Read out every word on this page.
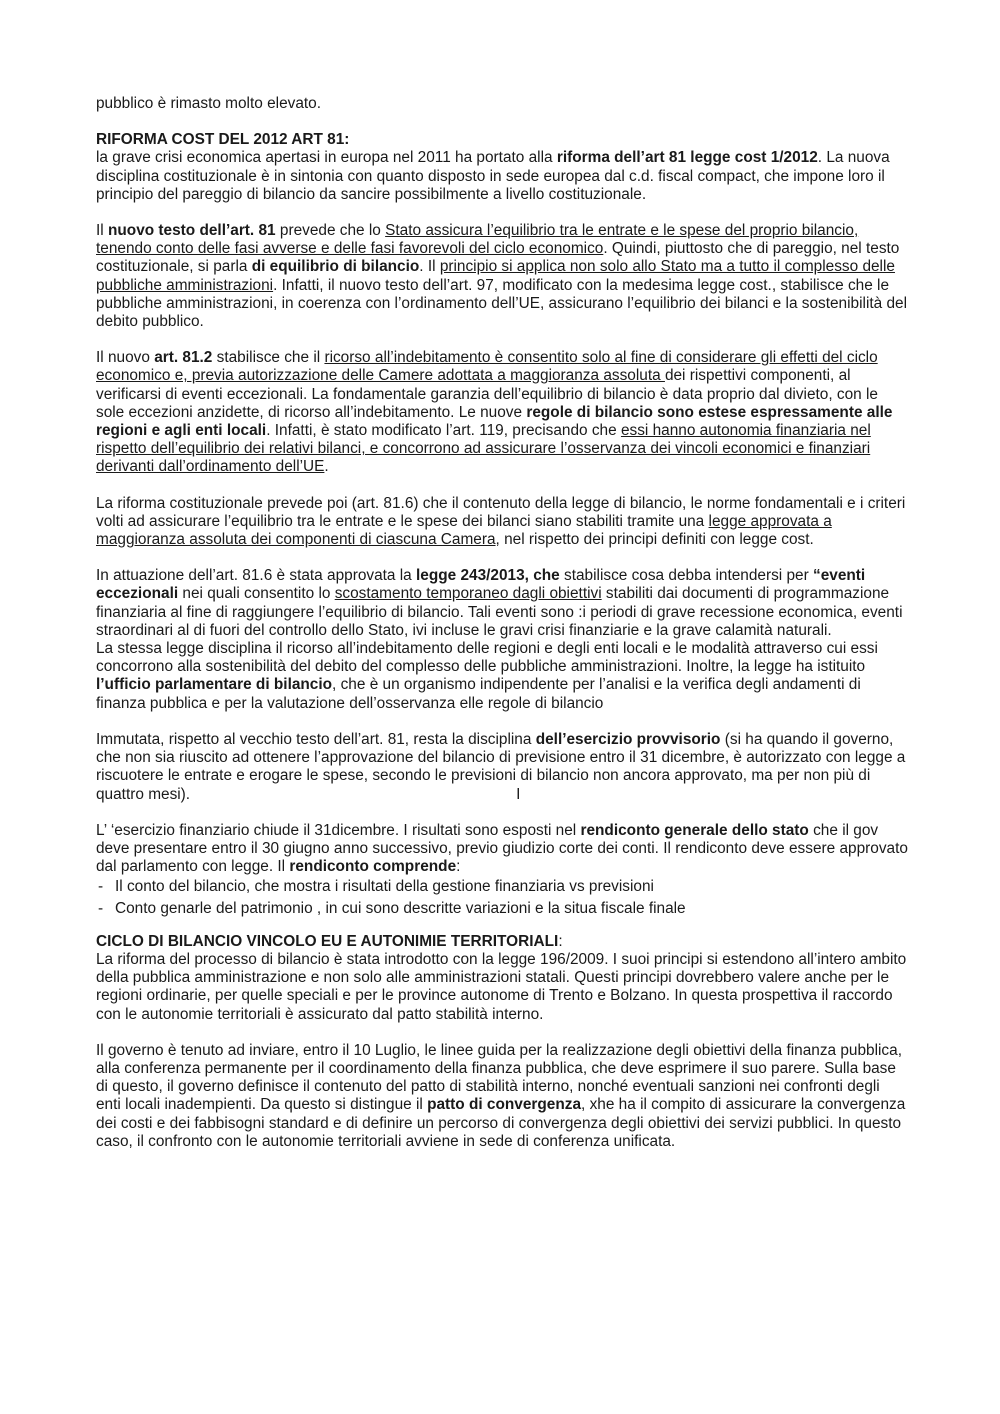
pubblico è rimasto molto elevato.

RIFORMA COST DEL 2012 ART 81:

la grave crisi economica apertasi in europa nel 2011 ha portato alla riforma dell’art 81 legge cost 1/2012. La nuova disciplina costituzionale è in sintonia con quanto disposto in sede europea dal c.d. fiscal compact, che impone loro il principio del pareggio di bilancio da sancire possibilmente a livello costituzionale.

Il nuovo testo dell’art. 81 prevede che lo Stato assicura l’equilibrio tra le entrate e le spese del proprio bilancio, tenendo conto delle fasi avverse e delle fasi favorevoli del ciclo economico. Quindi, piuttosto che di pareggio, nel testo costituzionale, si parla di equilibrio di bilancio. Il principio si applica non solo allo Stato ma a tutto il complesso delle pubbliche amministrazioni. Infatti, il nuovo testo dell’art. 97, modificato con la medesima legge cost., stabilisce che le pubbliche amministrazioni, in coerenza con l’ordinamento dell’UE, assicurano l’equilibrio dei bilanci e la sostenibilità del debito pubblico.

Il nuovo art. 81.2 stabilisce che il ricorso all’indebitamento è consentito solo al fine di considerare gli effetti del ciclo economico e, previa autorizzazione delle Camere adottata a maggioranza assoluta dei rispettivi componenti, al verificarsi di eventi eccezionali. La fondamentale garanzia dell’equilibrio di bilancio è data proprio dal divieto, con le sole eccezioni anzidette, di ricorso all’indebitamento. Le nuove regole di bilancio sono estese espressamente alle regioni e agli enti locali. Infatti, è stato modificato l’art. 119, precisando che essi hanno autonomia finanziaria nel rispetto dell’equilibrio dei relativi bilanci, e concorrono ad assicurare l’osservanza dei vincoli economici e finanziari derivanti dall’ordinamento dell’UE.

La riforma costituzionale prevede poi (art. 81.6) che il contenuto della legge di bilancio, le norme fondamentali e i criteri volti ad assicurare l’equilibrio tra le entrate e le spese dei bilanci siano stabiliti tramite una legge approvata a maggioranza assoluta dei componenti di ciascuna Camera, nel rispetto dei principi definiti con legge cost.

In attuazione dell’art. 81.6 è stata approvata la legge 243/2013, che stabilisce cosa debba intendersi per “eventi eccezionali nei quali consentito lo scostamento temporaneo dagli obiettivi stabiliti dai documenti di programmazione finanziaria al fine di raggiungere l’equilibrio di bilancio. Tali eventi sono :i periodi di grave recessione economica, eventi straordinari al di fuori del controllo dello Stato, ivi incluse le gravi crisi finanziarie e la grave calamità naturali.

La stessa legge disciplina il ricorso all’indebitamento delle regioni e degli enti locali e le modalità attraverso cui essi concorrono alla sostenibilità del debito del complesso delle pubbliche amministrazioni. Inoltre, la legge ha istituito l’ufficio parlamentare di bilancio, che è un organismo indipendente per l’analisi e la verifica degli andamenti di finanza pubblica e per la valutazione dell’osservanza elle regole di bilancio

Immutata, rispetto al vecchio testo dell’art. 81, resta la disciplina dell’esercizio provvisorio (si ha quando il governo, che non sia riuscito ad ottenere l’approvazione del bilancio di previsione entro il 31 dicembre, è autorizzato con legge a riscuotere le entrate e erogare le spese, secondo le previsioni di bilancio non ancora approvato, ma per non più di quattro mesi).	I

L’ ‘esercizio finanziario chiude il 31dicembre. I risultati sono esposti nel rendiconto generale dello stato che il gov deve presentare entro il 30 giugno anno successivo, previo giudizio corte dei conti. Il rendiconto deve essere approvato dal parlamento con legge. Il rendiconto comprende:

- Il conto del bilancio, che mostra i risultati della gestione finanziaria vs previsioni
- Conto genarle del patrimonio , in cui sono descritte variazioni e la situa fiscale finale

CICLO DI BILANCIO VINCOLO EU E AUTONIMIE TERRITORIALI:

La riforma del processo di bilancio è stata introdotto con la legge 196/2009. I suoi principi si estendono all’intero ambito della pubblica amministrazione e non solo alle amministrazioni statali. Questi principi dovrebbero valere anche per le regioni ordinarie, per quelle speciali e per le province autonome di Trento e Bolzano. In questa prospettiva il raccordo con le autonomie territoriali è assicurato dal patto stabilità interno.

Il governo è tenuto ad inviare, entro il 10 Luglio, le linee guida per la realizzazione degli obiettivi della finanza pubblica, alla conferenza permanente per il coordinamento della finanza pubblica, che deve esprimere il suo parere. Sulla base di questo, il governo definisce il contenuto del patto di stabilità interno, nonché eventuali sanzioni nei confronti degli enti locali inadempienti. Da questo si distingue il patto di convergenza, xhe ha il compito di assicurare la convergenza dei costi e dei fabbisogni standard e di definire un percorso di convergenza degli obiettivi dei servizi pubblici. In questo caso, il confronto con le autonomie territoriali avviene in sede di conferenza unificata.
